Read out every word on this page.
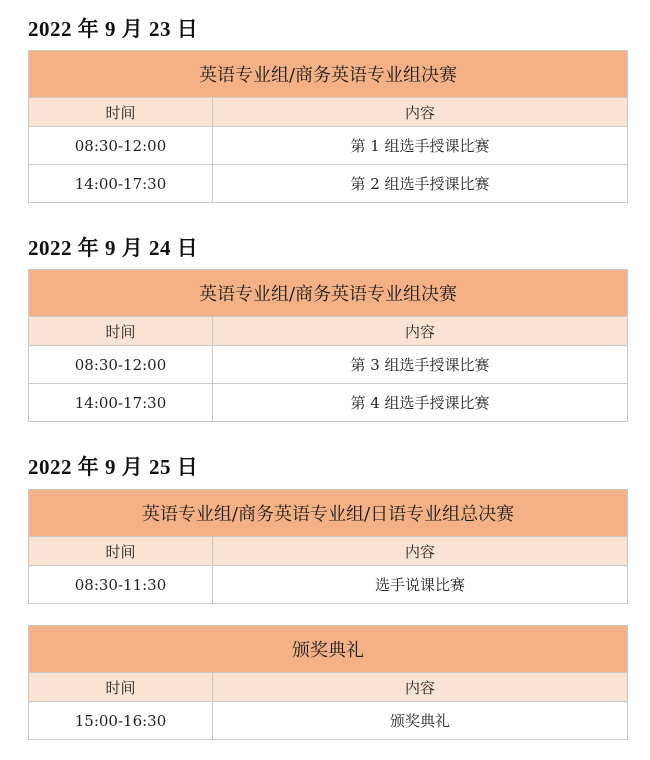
2022 年 9 月 23 日
英语专业组/商务英语专业组决赛	
时间	内容
08:30-12:00	第 1 组选手授课比赛
14:00-17:30	第 2 组选手授课比赛
2022 年 9 月 24 日
英语专业组/商务英语专业组决赛	
时间	内容
08:30-12:00	第 3 组选手授课比赛
14:00-17:30	第 4 组选手授课比赛
2022 年 9 月 25 日
英语专业组/商务英语专业组/日语专业组总决赛	
时间	内容
08:30-11:30	选手说课比赛
颁奖典礼	
时间	内容
15:00-16:30	颁奖典礼
